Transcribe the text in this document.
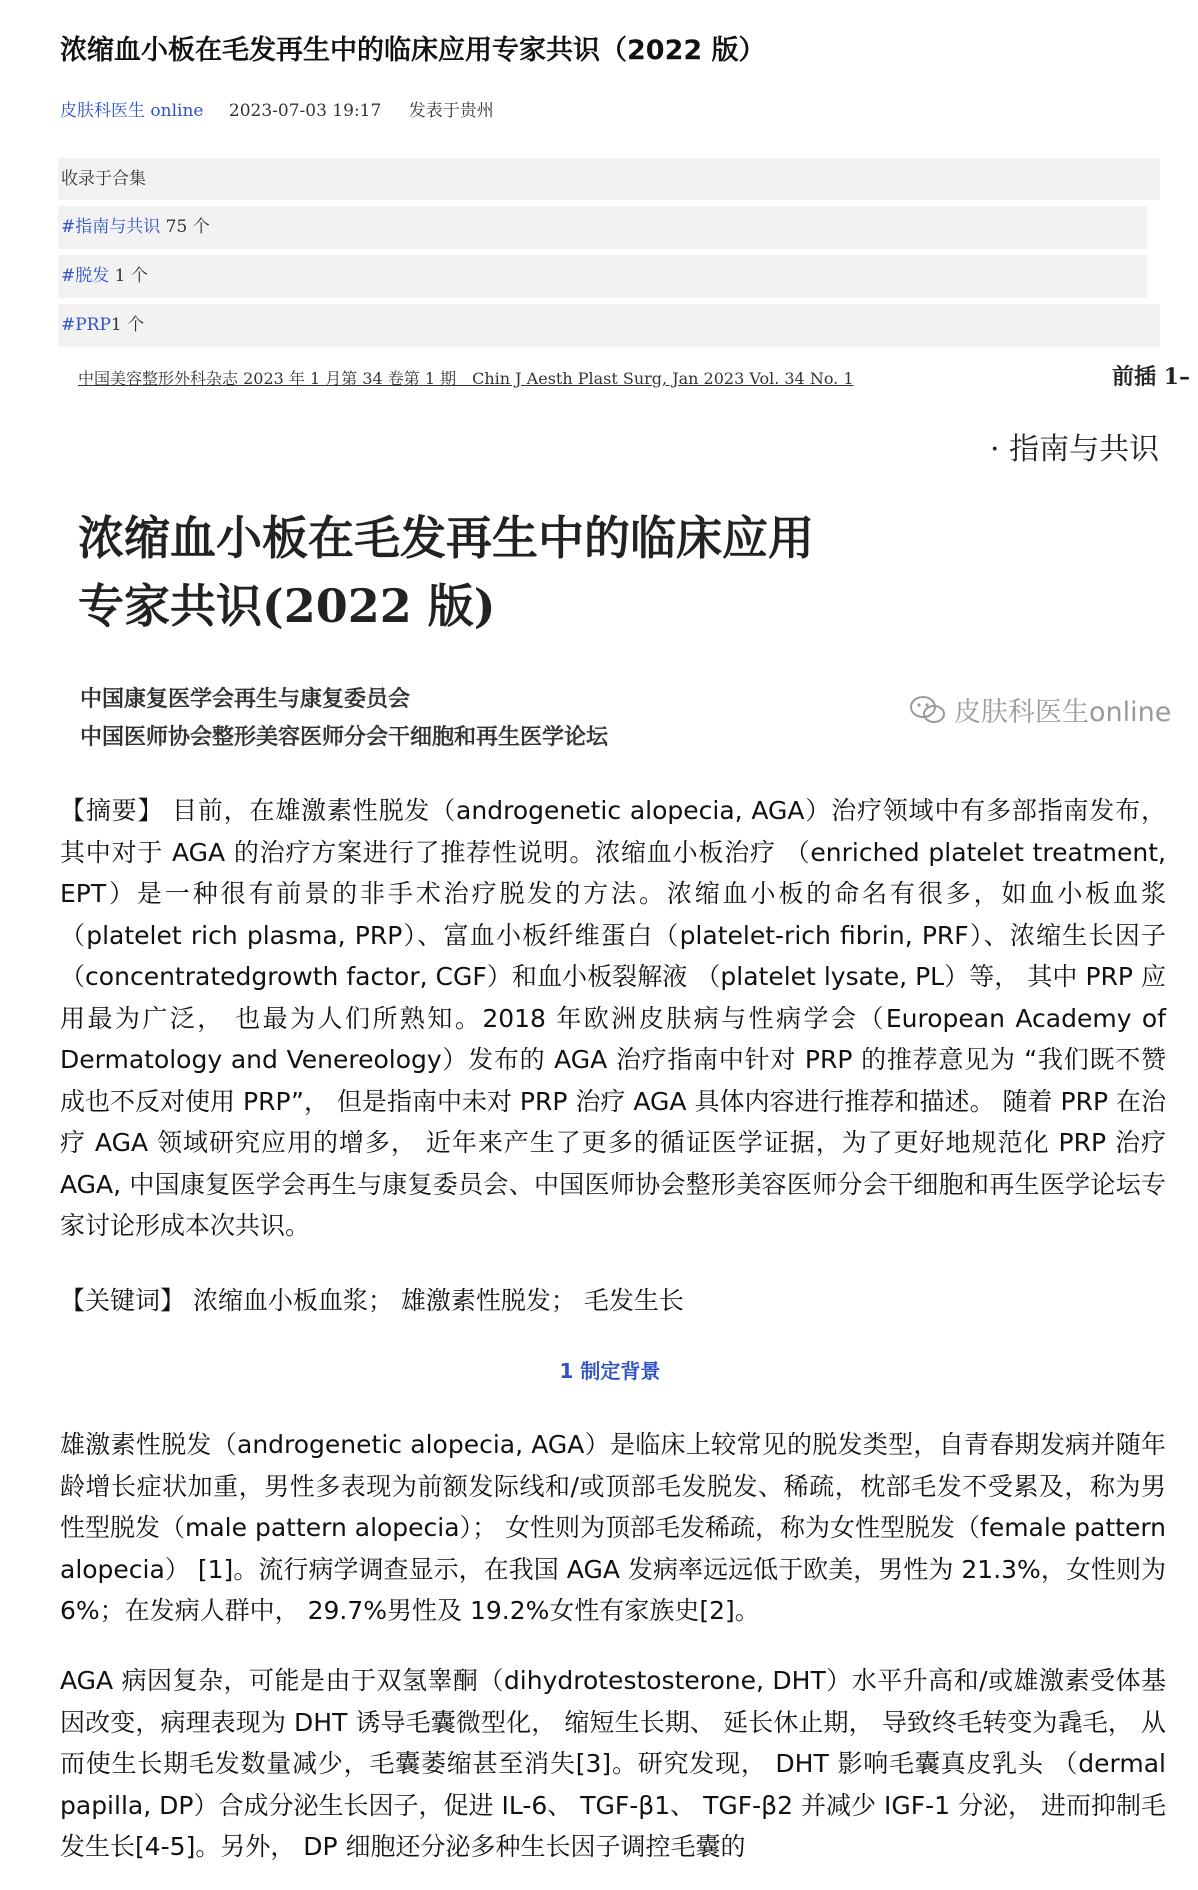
浓缩血小板在毛发再生中的临床应用专家共识（2022 版）
皮肤科医生 online 2023-07-03 19:17 发表于贵州
收录于合集
#指南与共识 75 个
#脱发 1 个
#PRP1 个
中国美容整形外科杂志 2023 年 1 月第 34 卷第 1 期　Chin J Aesth Plast Surg, Jan 2023 Vol. 34 No. 1	前插 1–
· 指南与共识
浓缩血小板在毛发再生中的临床应用
专家共识(2022 版)
中国康复医学会再生与康复委员会
中国医师协会整形美容医师分会干细胞和再生医学论坛
皮肤科医生online

【摘要】 目前，在雄激素性脱发（androgenetic alopecia, AGA）治疗领域中有多部指南发布， 其中对于 AGA 的治疗方案进行了推荐性说明。浓缩血小板治疗 （enriched platelet treatment, EPT）是一种很有前景的非手术治疗脱发的方法。浓缩血小板的命名有很多，如血小板血浆（platelet rich plasma, PRP）、富血小板纤维蛋白（platelet-rich fibrin, PRF）、浓缩生长因子 （concentratedgrowth factor, CGF）和血小板裂解液 （platelet lysate, PL）等， 其中 PRP 应用最为广泛， 也最为人们所熟知。2018 年欧洲皮肤病与性病学会（European Academy of Dermatology and Venereology）发布的 AGA 治疗指南中针对 PRP 的推荐意见为 “我们既不赞成也不反对使用 PRP”， 但是指南中未对 PRP 治疗 AGA 具体内容进行推荐和描述。 随着 PRP 在治疗 AGA 领域研究应用的增多， 近年来产生了更多的循证医学证据，为了更好地规范化 PRP 治疗 AGA, 中国康复医学会再生与康复委员会、中国医师协会整形美容医师分会干细胞和再生医学论坛专家讨论形成本次共识。

【关键词】 浓缩血小板血浆； 雄激素性脱发； 毛发生长

1 制定背景

雄激素性脱发（androgenetic alopecia, AGA）是临床上较常见的脱发类型，自青春期发病并随年龄增长症状加重，男性多表现为前额发际线和/或顶部毛发脱发、稀疏，枕部毛发不受累及，称为男性型脱发（male pattern alopecia）； 女性则为顶部毛发稀疏，称为女性型脱发（female pattern alopecia） [1]。流行病学调查显示，在我国 AGA 发病率远远低于欧美，男性为 21.3%，女性则为 6%；在发病人群中， 29.7%男性及 19.2%女性有家族史[2]。

AGA 病因复杂，可能是由于双氢睾酮（dihydrotestosterone, DHT）水平升高和/或雄激素受体基因改变，病理表现为 DHT 诱导毛囊微型化， 缩短生长期、 延长休止期， 导致终毛转变为毳毛， 从而使生长期毛发数量减少，毛囊萎缩甚至消失[3]。研究发现， DHT 影响毛囊真皮乳头 （dermal papilla, DP）合成分泌生长因子，促进 IL-6、 TGF-β1、 TGF-β2 并减少 IGF-1 分泌， 进而抑制毛发生长[4-5]。另外， DP 细胞还分泌多种生长因子调控毛囊的
